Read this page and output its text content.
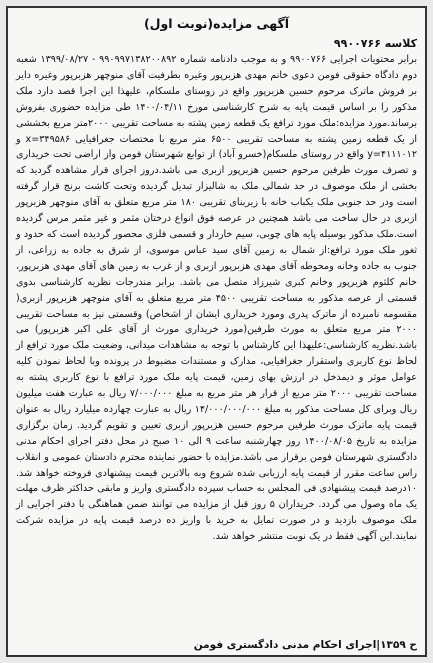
آگهی مزایده(نوبت اول)
کلاسه ۹۹۰۰۷۶۶

برابر محتویات اجرایی ۹۹۰۰۷۶۶ و به موجب دادنامه شماره ۹۹۰۹۹۷۱۳۸۲۰۰۸۹۲ - ۱۳۹۹/۰۸/۲۷ شعبه دوم دادگاه حقوقی فومن دعوی خانم مهدی هزبرپور وغیره بطرفیت آقای منوچهر هزبرپور وغیره دایر بر فروش ماترک مرحوم حسین هزبرپور واقع در روستای ملسکام، علیهذا این اجرا قصد دارد ملک مذکور را بر اساس قیمت پایه به شرح کارشناسی مورخ ۱۴۰۰/۰۴/۱۱ طی مزایده حضوری بفروش برساند.مورد مزایده:ملک مورد ترافع یک قطعه زمین پشته به مساحت تقریبی ۲۰۰۰متر مربع بخششی از یک قطعه زمین پشته به مساحت تقریبی ۶۵۰۰ متر مربع با مختصات جغرافیایی x=۳۴۹۵۸۶ و y=۴۱۱۱۰۱۲ واقع در روستای ملسکام(خسرو آباد) از توابع شهرستان فومن واز اراضی تحت خریداری و تصرف مورث طرفین مرحوم حسین هزبرپور ازبری می باشد.دروز اجرای قرار مشاهده گردید که بخشی از ملک موصوف در حد شمالی ملک به شالیزار تبدیل گردیده وتحت کاشت برنج قرار گرفته است ودر حد جنوبی ملک یکباب خانه با زیربنای تقریبی ۱۸۰ متر مربع متعلق به آقای منوچهر هزبرپور ازبری در حال ساخت می باشد همچنین در عرصه فوق انواع درختان مثمر و غیر مثمر مرس گردیده است.ملک مذکور بوسیله پایه های چوبی، سیم خاردار و قسمی فلزی محصور گردیده است که حدود و ثغور ملک مورد ترافع:از شمال به زمین آقای سید عباس موسوی، از شرق به جاده به زراعی، از جنوب به جاده وخانه ومحوطه آقای مهدی هزبرپور ازبری و از غرب به زمین های آقای مهدی هزبرپور، خانم کلثوم هزبرپور وخانم کبری شیرزاد متصل می باشد. برابر مندرجات نظریه کارشناسی بدوی قسمتی از عرصه مذکور به مساحت تقریبی ۴۵۰۰ متر مربع متعلق به آقای منوچهر هزبرپور ازبری( مقسومه نامبرده از ماترک پدری ومورد خریداری ایشان از اشخاص) وقسمتی نیز به مساحت تقریبی ۲۰۰۰ متر مربع متعلق به مورث طرفین(مورد خریداری مورث از آقای علی اکبر هزبرپور) می باشد.نظریه کارشناسی:علیهذا این کارشناس با توجه به مشاهدات میدانی، وضعیت ملک مورد ترافع از لحاظ نوع کاربری واستقرار جغرافیایی، مدارک و مستندات مضبوط در پرونده وبا لحاظ نمودن کلیه عوامل موثر و دیمدخل در ارزش بهای زمین، قیمت پایه ملک مورد ترافع با نوع کاربری پشته به مساحت تقریبی ۲۰۰۰ متر مربع از قرار هر متر مربع به مبلغ ۷/۰۰۰/۰۰۰ ریال به عبارت هفت میلیون ریال وبرای کل مساحت مذکور به مبلغ ۱۴/۰۰۰/۰۰۰/۰۰۰ ریال به عبارت چهارده میلیارد ریال به عنوان قیمت پایه ماترک مورث طرفین مرحوم حسین هزبرپور ازبری تعیین و تقویم گردید. زمان برگزاری مزایده به تاریخ ۱۴۰۰/۰۸/۰۵ روز چهارشنبه ساعت ۹ الی ۱۰ صبح در محل دفتر اجرای احکام مدنی دادگستری شهرستان فومن برقرار می باشد.مزایده با حضور نماینده محترم دادستان عمومی و انقلاب راس ساعت مقرر از قیمت پایه ارزیابی شده شروع وبه بالاترین قیمت پیشنهادی فروخته خواهد شد. ۱۰درصد قیمت پیشنهادی فی المجلس به حساب سپرده دادگستری واریز و مابقی حداکثر ظرف مهلت یک ماه وصول می گردد. خریداران ۵ روز قبل از مزایده می توانند ضمن هماهنگی با دفتر اجرایی از ملک موصوف بازدید و در صورت تمایل به خرید با واریز ده درصد قیمت پایه در مزایده شرکت نمایند.این آگهی فقط در یک نوبت منتشر خواهد شد.

ح ۱۳۵۹|اجرای احکام مدنی دادگستری فومن
